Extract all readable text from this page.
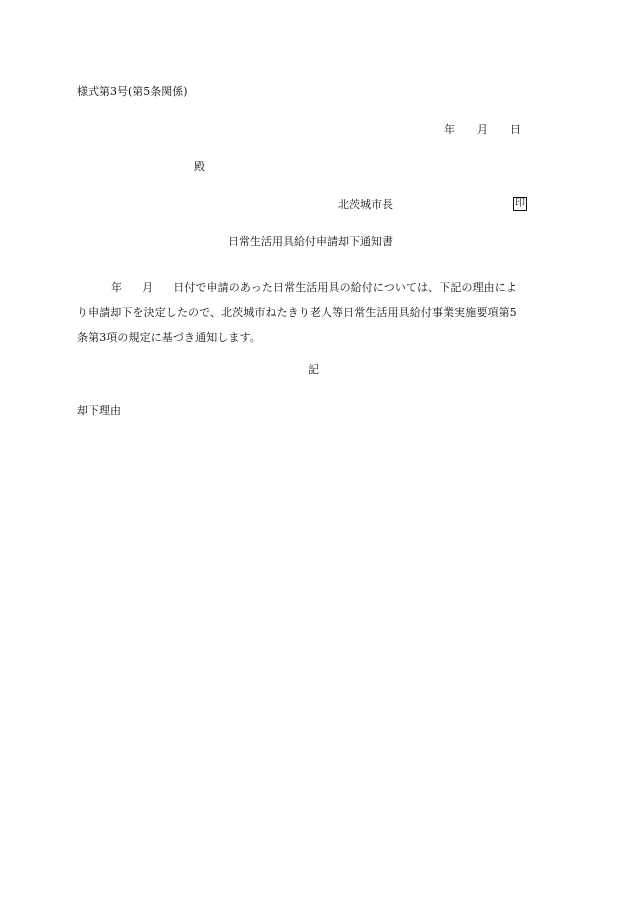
様式第3号(第5条関係)
年 月 日
殿
北茨城市長	印
日常生活用具給付申請却下通知書
年 月 日付で申請のあった日常生活用具の給付については、下記の理由によ
り申請却下を決定したので、北茨城市ねたきり老人等日常生活用具給付事業実施要項第5
条第3項の規定に基づき通知します。
記
却下理由
